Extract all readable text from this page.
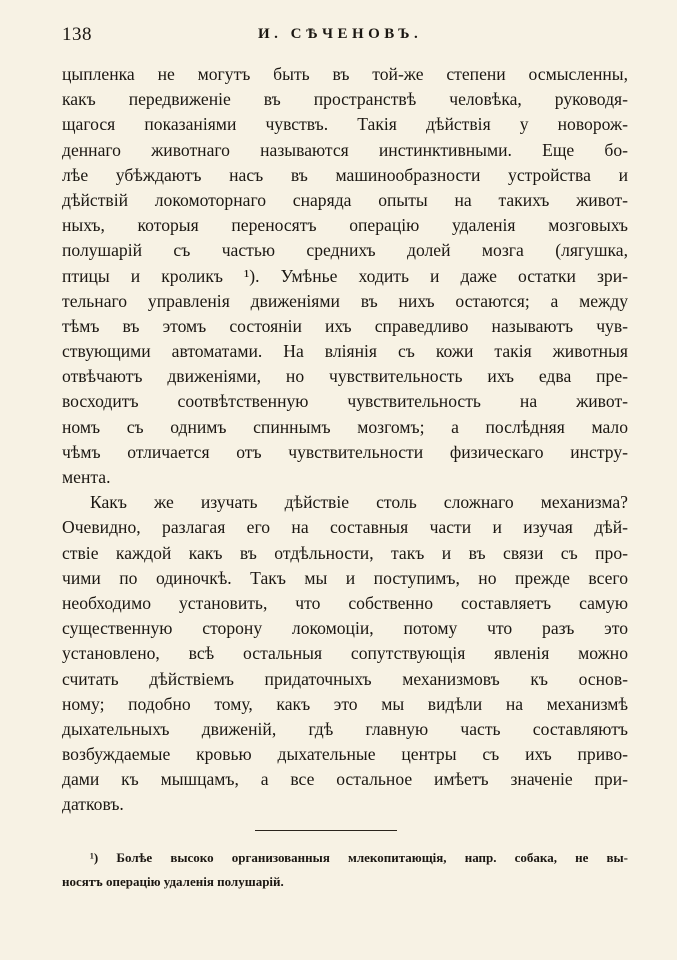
138	И. СѢЧЕНОВЪ.
цыпленка не могутъ быть въ той-же степени осмысленны,
какъ передвиженіе въ пространствѣ человѣка, руководя-
щагося показаніями чувствъ. Такія дѣйствія у новорож-
деннаго животнаго называются инстинктивными. Еще бо-
лѣе убѣждаютъ насъ въ машинообразности устройства и
дѣйствій локомоторнаго снаряда опыты на такихъ живот-
ныхъ, которыя переносятъ операцію удаленія мозговыхъ
полушарій съ частью среднихъ долей мозга (лягушка,
птицы и кроликъ ¹). Умѣнье ходить и даже остатки зри-
тельнаго управленія движеніями въ нихъ остаются; а между
тѣмъ въ этомъ состояніи ихъ справедливо называютъ чув-
ствующими автоматами. На вліянія съ кожи такія животныя
отвѣчаютъ движеніями, но чувствительность ихъ едва пре-
восходитъ соотвѣтственную чувствительность на живот-
номъ съ однимъ спиннымъ мозгомъ; а послѣдняя мало
чѣмъ отличается отъ чувствительности физическаго инстру-
мента.
Какъ же изучать дѣйствіе столь сложнаго механизма?
Очевидно, разлагая его на составныя части и изучая дѣй-
ствіе каждой какъ въ отдѣльности, такъ и въ связи съ про-
чими по одиночкѣ. Такъ мы и поступимъ, но прежде всего
необходимо установить, что собственно составляетъ самую
существенную сторону локомоціи, потому что разъ это
установлено, всѣ остальныя сопутствующія явленія можно
считать дѣйствіемъ придаточныхъ механизмовъ къ основ-
ному; подобно тому, какъ это мы видѣли на механизмѣ
дыхательныхъ движеній, гдѣ главную часть составляютъ
возбуждаемые кровью дыхательные центры съ ихъ приво-
дами къ мышцамъ, а все остальное имѣетъ значеніе при-
датковъ.
¹) Болѣе высоко организованныя млекопитающія, напр. собака, не вы-
носятъ операцію удаленія полушарій.
